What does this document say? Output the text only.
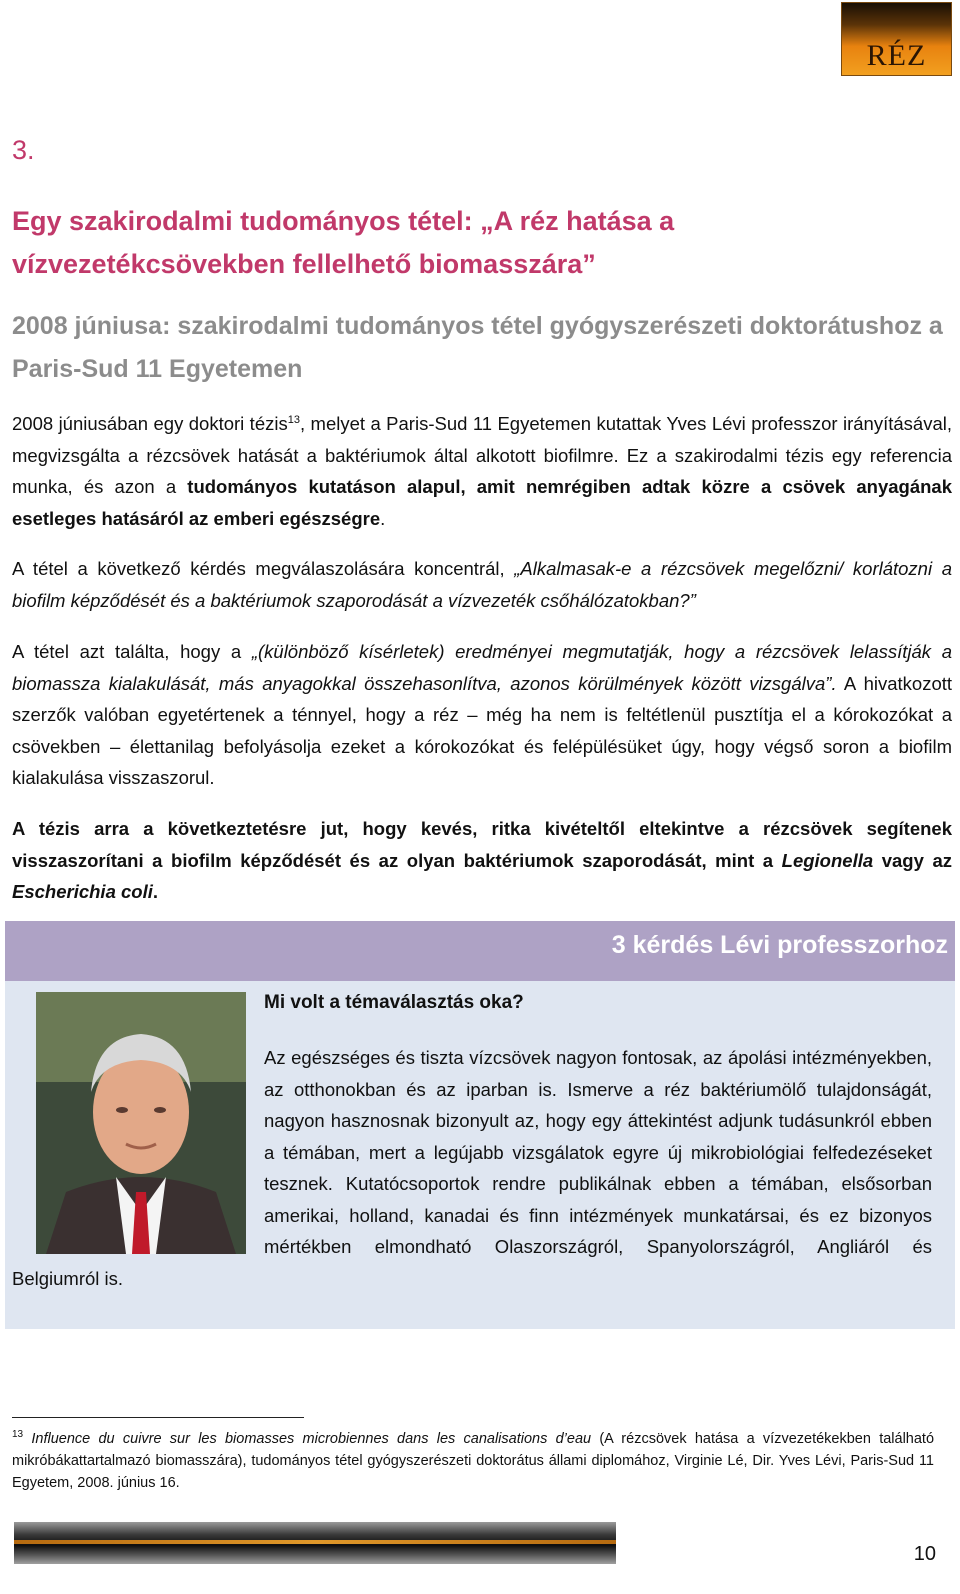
RÉZ
3.
Egy szakirodalmi tudományos tétel: „A réz hatása a vízvezetékcsövekben fellelhető biomasszára”
2008 júniusa: szakirodalmi tudományos tétel gyógyszerészeti doktorátushoz a Paris-Sud 11 Egyetemen

2008 júniusában egy doktori tézis$^{13}$, melyet a Paris-Sud 11 Egyetemen kutattak Yves Lévi professzor irányításával, megvizsgálta a rézcsövek hatását a baktériumok által alkotott biofilmre. Ez a szakirodalmi tézis egy referencia munka, és azon a tudományos kutatáson alapul, amit nemrégiben adtak közre a csövek anyagának esetleges hatásáról az emberi egészségre.

A tétel a következő kérdés megválaszolására koncentrál, „Alkalmasak-e a rézcsövek megelőzni/ korlátozni a biofilm képződését és a baktériumok szaporodását a vízvezeték csőhálózatokban?”

A tétel azt találta, hogy a „(különböző kísérletek) eredményei megmutatják, hogy a rézcsövek lelassítják a biomassza kialakulását, más anyagokkal összehasonlítva, azonos körülmények között vizsgálva”. A hivatkozott szerzők valóban egyetértenek a ténnyel, hogy a réz – még ha nem is feltétlenül pusztítja el a kórokozókat a csövekben – élettanilag befolyásolja ezeket a kórokozókat és felépülésüket úgy, hogy végső soron a biofilm kialakulása visszaszorul.

A tézis arra a következtetésre jut, hogy kevés, ritka kivételtől eltekintve a rézcsövek segítenek visszaszorítani a biofilm képződését és az olyan baktériumok szaporodását, mint a Legionella vagy az Escherichia coli.

3 kérdés Lévi professzorhoz

Mi volt a témaválasztás oka?

Az egészséges és tiszta vízcsövek nagyon fontosak, az ápolási intézményekben, az otthonokban és az iparban is. Ismerve a réz baktériumölő tulajdonságát, nagyon hasznosnak bizonyult az, hogy egy áttekintést adjunk tudásunkról ebben a témában, mert a legújabb vizsgálatok egyre új mikrobiológiai felfedezéseket tesznek. Kutatócsoportok rendre publikálnak ebben a témában, elsősorban amerikai, holland, kanadai és finn intézmények munkatársai, és ez bizonyos mértékben elmondható Olaszországról, Spanyolországról, Angliáról és Belgiumról is.

$^{13}$ Influence du cuivre sur les biomasses microbiennes dans les canalisations d’eau (A rézcsövek hatása a vízvezetékekben található mikróbákattartalmazó biomasszára), tudományos tétel gyógyszerészeti doktorátus állami diplomához, Virginie Lé, Dir. Yves Lévi, Paris-Sud 11 Egyetem, 2008. június 16.

10
